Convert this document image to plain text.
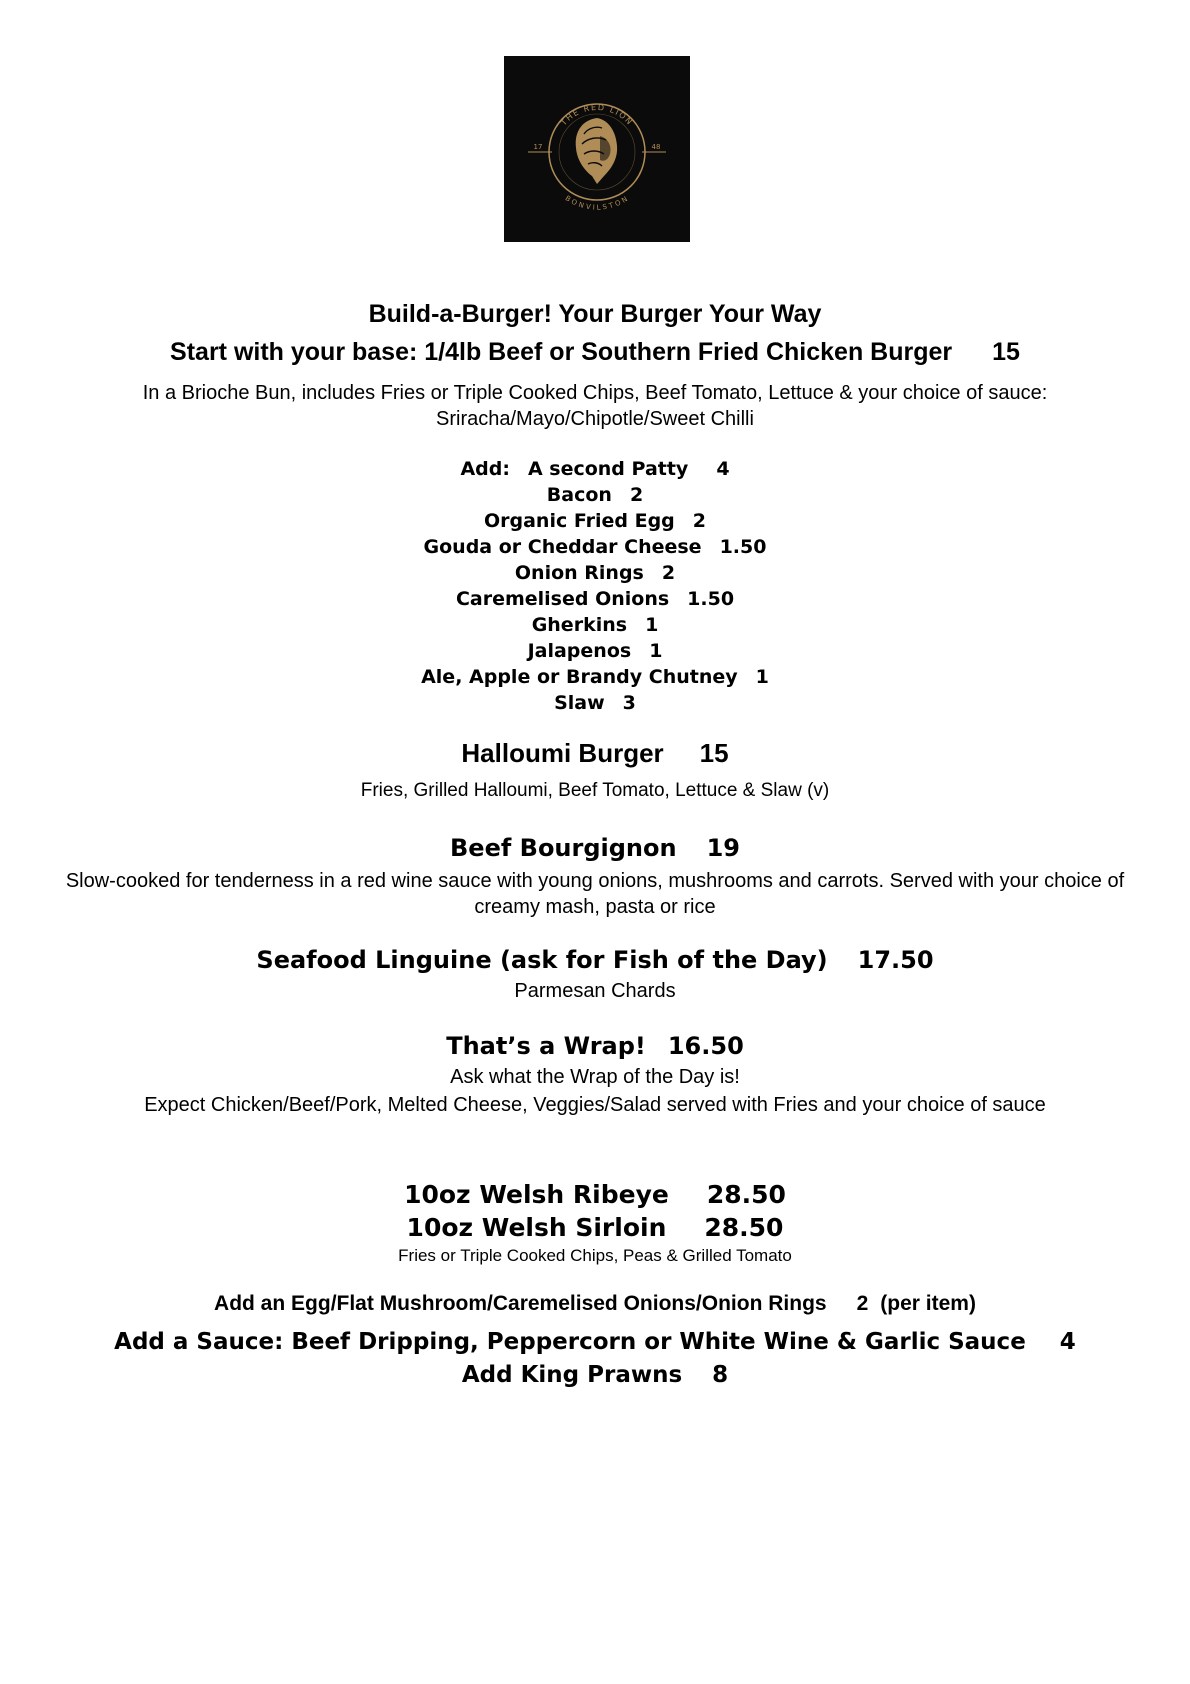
THE RED LION
BONVILSTON
17	48
Build-a-Burger! Your Burger Your Way
Start with your base: 1/4lb Beef or Southern Fried Chicken Burger 15
In a Brioche Bun, includes Fries or Triple Cooked Chips, Beef Tomato, Lettuce & your choice of sauce: Sriracha/Mayo/Chipotle/Sweet Chilli
Add: A second Patty 4
Bacon 2
Organic Fried Egg 2
Gouda or Cheddar Cheese 1.50
Onion Rings 2
Caremelised Onions 1.50
Gherkins 1
Jalapenos 1
Ale, Apple or Brandy Chutney 1
Slaw 3
Halloumi Burger 15
Fries, Grilled Halloumi, Beef Tomato, Lettuce & Slaw (v)
Beef Bourgignon 19
Slow-cooked for tenderness in a red wine sauce with young onions, mushrooms and carrots. Served with your choice of creamy mash, pasta or rice
Seafood Linguine (ask for Fish of the Day) 17.50
Parmesan Chards
That’s a Wrap! 16.50
Ask what the Wrap of the Day is!
Expect Chicken/Beef/Pork, Melted Cheese, Veggies/Salad served with Fries and your choice of sauce
10oz Welsh Ribeye 28.50
10oz Welsh Sirloin 28.50
Fries or Triple Cooked Chips, Peas & Grilled Tomato
Add an Egg/Flat Mushroom/Caremelised Onions/Onion Rings 2 (per item)
Add a Sauce: Beef Dripping, Peppercorn or White Wine & Garlic Sauce 4
Add King Prawns 8
